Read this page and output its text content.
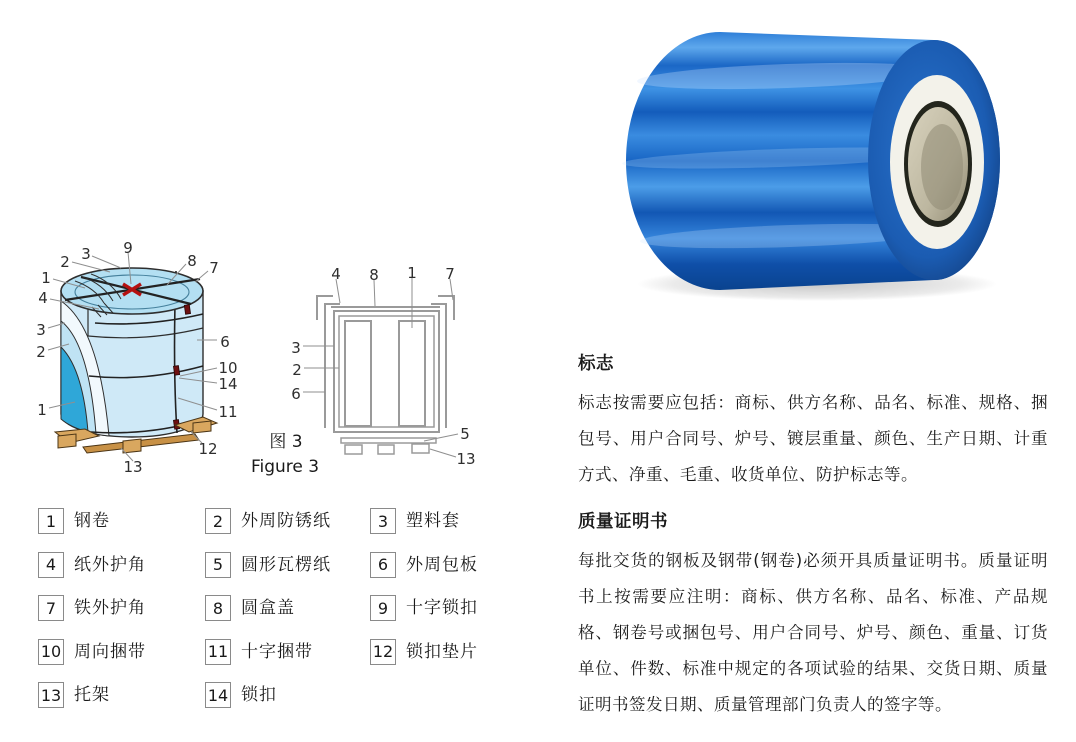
2 3 9
8 7
1
4
3
2
1
6
10
14
11
12
13
4 8 1 7
3
2
6
5
13
图 3
Figure 3
1	钢卷	2	外周防锈纸	3	塑料套
4	纸外护角	5	圆形瓦楞纸	6	外周包板
7	铁外护角	8	圆盒盖	9	十字锁扣
10 周向捆带	11 十字捆带	12 锁扣垫片
13 托架	14 锁扣
标志

标志按需要应包括：商标、供方名称、品名、标准、规格、捆包号、用户合同号、炉号、镀层重量、颜色、生产日期、计重方式、净重、毛重、收货单位、防护标志等。

质量证明书

每批交货的钢板及钢带(钢卷)必须开具质量证明书。质量证明书上按需要应注明：商标、供方名称、品名、标准、产品规格、钢卷号或捆包号、用户合同号、炉号、颜色、重量、订货单位、件数、标准中规定的各项试验的结果、交货日期、质量证明书签发日期、质量管理部门负责人的签字等。
